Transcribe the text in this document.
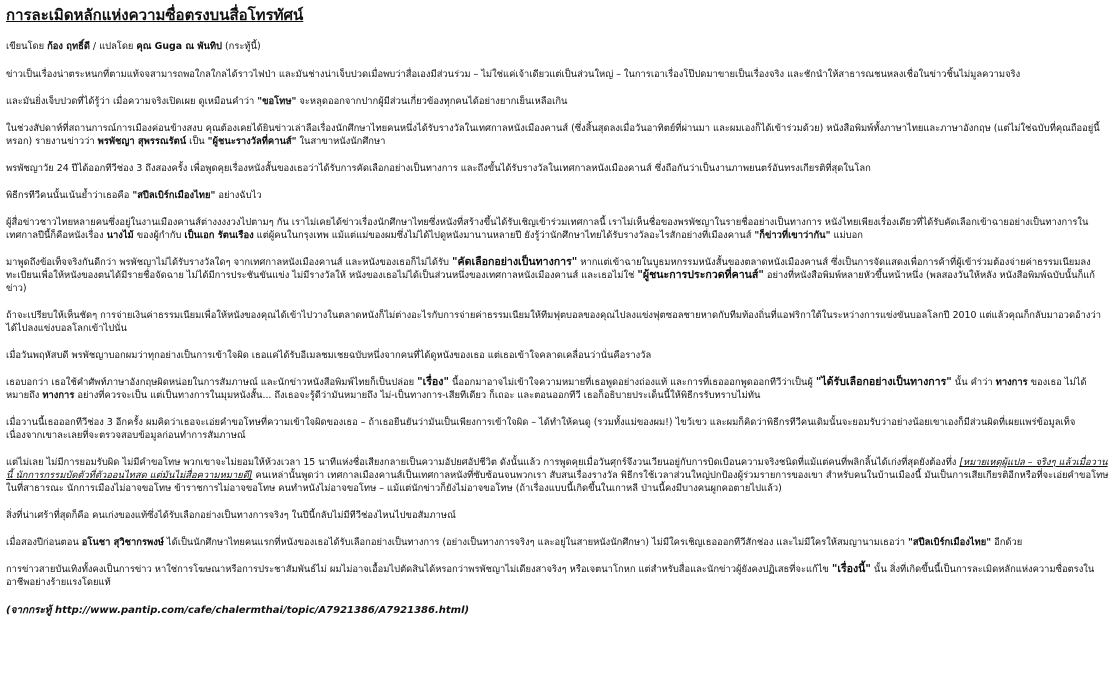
การละเมิดหลักแห่งความซื่อตรงบนสื่อโทรทัศน์
เขียนโดย ก้อง ฤทธิ์ดี / แปลโดย คุณ Guga ณ พันทิป (กระทู้นี้)

ข่าวเป็นเรื่องน่าตระหนกที่ตามแท้จจสามารถพอใกลใกลได้ราวไฟป่า และมันช่างน่าเจ็บปวดเมื่อพบว่าสื่อเองมีส่วนร่วม – ไม่ใช่แค่เจ้าเดียวแต่เป็นส่วนใหญ่ – ในการเอาเรื่องโป๊ปดมาขายเป็นเรื่องจริง และชักนำให้สาธารณชนหลงเชื่อในข่าวชิ้นไม่มูลความจริง

และมันยิ่งเจ็บปวดที่ได้รู้ว่า เมื่อความจริงเปิดเผย ดูเหมือนคำว่า "ขอโทษ" จะหลุดออกจากปากผู้มีส่วนเกี่ยวข้องทุกคนได้อย่างยากเย็นเหลือเกิน

ในช่วงสัปดาห์ที่สถานการณ์การเมืองค่อนข้างสงบ คุณต้องเคยได้ยินข่าวเล่าลือเรื่องนักศึกษาไทยคนหนึ่งได้รับรางวัลในเทศกาลหนังเมืองคานส์ (ซึ่งสิ้นสุดลงเมื่อวันอาทิตย์ที่ผ่านมา และผมเองก็ได้เข้าร่วมด้วย) หนังสือพิมพ์ทั้งภาษาไทยและภาษาอังกฤษ (แต่ไม่ใช่ฉบับที่คุณถืออยู่นี้หรอก) รายงานข่าวว่า พรพัชญา สุพรรณรัตน์ เป็น "ผู้ชนะรางวัลที่คานส์" ในสาขาหนังนักศึกษา

พรพัชญาวัย 24 ปีได้ออกทีวีช่อง 3 ถึงสองครั้ง เพื่อพูดคุยเรื่องหนังสั้นของเธอว่าได้รับการคัดเลือกอย่างเป็นทางการ และถึงขั้นได้รับรางวัลในเทศกาลหนังเมืองคานส์ ซึ่งถือกันว่าเป็นงานภาพยนตร์อันทรงเกียรติที่สุดในโลก

พิธีกรทีวีคนนั้นเน้นย้ำว่าเธอคือ "สปีลเบิร์กเมืองไทย" อย่างฉับไว

ผู้สื่อข่าวชาวไทยหลายคนซึ่งอยู่ในงานเมืองคานส์ต่างงงงวงไปตามๆ กัน เราไม่เคยได้ข่าวเรื่องนักศึกษาไทยซึ่งหนังที่สร้างขึ้นได้รับเชิญเข้าร่วมเทศกาลนี้ เราไม่เห็นชื่อของพรพัชญาในรายชื่ออย่างเป็นทางการ หนังไทยเพียงเรื่องเดียวที่ได้รับคัดเลือกเข้าฉายอย่างเป็นทางการในเทศกาลปีนี้ก็คือหนังเรื่อง นางไม้ ของผู้กำกับ เป็นเอก รัตนเรือง แต่ผู้คนในกรุงเทพ แม้แต่แม่ของผมซึ่งไม่ได้ไปดูหนังมานานหลายปี ยังรู้ว่านักศึกษาไทยได้รับรางวัลอะไรสักอย่างที่เมืองคานส์ "ก็ข่าวที่เขาว่ากัน" แม่บอก

มาพูดถึงข้อเท็จจริงกันดีกว่า พรพัชญาไม่ได้รับรางวัลใดๆ จากเทศกาลหนังเมืองคานส์ และหนังของเธอก็ไม่ได้รับ "คัดเลือกอย่างเป็นทางการ" หากแต่เข้าฉายในบูธมหกรรมหนังสั้นของตลาดหนังเมืองคานส์ ซึ่งเป็นการจัดแสดงเพื่อการค้าที่ผู้เข้าร่วมต้องจ่ายค่าธรรมเนียมลงทะเบียนเพื่อให้หนังของตนได้มีรายชื่อจัดฉาย ไม่ได้มีการประชันขันแข่ง ไม่มีรางวัลให้ หนังของเธอไม่ได้เป็นส่วนหนึ่งของเทศกาลหนังเมืองคานส์ และเธอไม่ใช่ "ผู้ชนะการประกวดที่คานส์" อย่างที่หนังสือพิมพ์หลายหัวขึ้นหน้าหนึ่ง (พลสองวันให้หลัง หนังสือพิมพ์ฉบับนั้นก็แก้ข่าว)

ถ้าจะเปรียบให้เห็นชัดๆ การจ่ายเงินค่าธรรมเนียมเพื่อให้หนังของคุณได้เข้าไปวางในตลาดหนังก็ไม่ต่างอะไรกับการจ่ายค่าธรรมเนียมให้ทีมฟุตบอลของคุณไปลงแข่งฟุตซอลชายหาดกับทีมท้องถิ่นที่แอฟริกาใต้ในระหว่างการแข่งขันบอลโลกปี 2010 แต่แล้วคุณก็กลับมาอวดอ้างว่าได้ไปลงแข่งบอลโลกเข้าไปนั่น

เมื่อวันพฤหัสบดี พรพัชญาบอกผมว่าทุกอย่างเป็นการเข้าใจผิด เธอแค่ได้รับอีเมลชมเชยฉบับหนึ่งจากคนที่ได้ดูหนังของเธอ แต่เธอเข้าใจคลาดเคลื่อนว่านั่นคือรางวัล

เธอบอกว่า เธอใช้คำศัพท์ภาษาอังกฤษผิดหน่อยในการสัมภาษณ์ และนักข่าวหนังสือพิมพ์ไทยก็เป็นปล่อย "เรื่อง" นี้ออกมาอาจไม่เข้าใจความหมายที่เธอพูดอย่างถ่องแท้ และการที่เธอออกพูดออกทีวีว่าเป็นผู้ "ได้รับเลือกอย่างเป็นทางการ" นั้น คำว่า ทางการ ของเธอ ไม่ได้หมายถึง ทางการ อย่างที่ควรจะเป็น แต่เป็นทางการในมุมหนังสั้น... ถึงเธอจะรู้ดีว่ามันหมายถึง ไม่-เป็นทางการ-เสียทีเดียว ก็เถอะ และตอนออกทีวี เธอก็อธิบายประเด็นนี้ให้พิธีกรรับทราบไม่ทัน

เมื่อวานนี้เธอออกทีวีช่อง 3 อีกครั้ง ผมคิดว่าเธอจะเอ่ยคำขอโทษที่ความเข้าใจผิดของเธอ – ถ้าเธอยืนยันว่ามันเป็นเพียงการเข้าใจผิด – ได้ทำให้คนดู (รวมทั้งแม่ของผม!) ไขว้เขว และผมก็คิดว่าพิธีกรทีวีคนเดิมนั้นจะยอมรับว่าอย่างน้อยเขาเองก็มีส่วนผิดที่เผยแพร่ข้อมูลเท็จ เนื่องจากเขาละเลยที่จะตรวจสอบข้อมูลก่อนทำการสัมภาษณ์

แต่ไม่เลย ไม่มีการยอมรับผิด ไม่มีคำขอโทษ พวกเขาจะไม่ยอมให้ห้วงเวลา 15 นาทีแห่งชื่อเสียงกลายเป็นความอัปยศอัปชีวิต ดังนั้นแล้ว การพูดคุยเมื่อวันศุกร์จึงวนเวียนอยู่กับการบิดเบือนความจริงชนิดที่แม้แต่คนที่พลิกลิ้นได้เก่งที่สุดยังต้องทึ่ง [หมายเหตุผู้แปล – จริงๆ แล้วเมื่อวานนี้ นักการกรรมบัดตัวที่ตัวออนไทสด แต่มันไม่สื่อความหมายดี] คนเหล่านั้นพูดว่า เทศกาลเมืองคานส์เป็นเทศกาลหนังที่ซับซ้อนจนพวกเรา สับสนเรื่องรางวัล พิธีกรใช้เวลาส่วนใหญ่ปกป้องผู้ร่วมรายการของเขา สำหรับคนในบ้านเมืองนี้ มันเป็นการเสียเกียรติอีกหรือที่จะเอ่ยคำขอโทษในที่สาธารณะ นักการเมืองไม่อาจขอโทษ ข้าราชการไม่อาจขอโทษ คนทำหนังไม่อาจขอโทษ – แม้แต่นักข่าวก็ยังไม่อาจขอโทษ (ถ้าเรื่องแบบนี้เกิดขึ้นในเกาหลี ป่านนี้คงมีบางคนผูกคอตายไปแล้ว)

สิ่งที่น่าเศร้าที่สุดก็คือ คนเก่งของแท้ซึ่งได้รับเลือกอย่างเป็นทางการจริงๆ ในปีนี้กลับไม่มีทีวีช่องไหนไปขอสัมภาษณ์

เมื่อสองปีก่อนตอน อโนชา สุวิชากรพงษ์ ได้เป็นนักศึกษาไทยคนแรกที่หนังของเธอได้รับเลือกอย่างเป็นทางการ (อย่างเป็นทางการจริงๆ และอยู่ในสายหนังนักศึกษา) ไม่มีใครเชิญเธอออกทีวีสักช่อง และไม่มีใครให้สมญานามเธอว่า "สปีลเบิร์กเมืองไทย" อีกด้วย

การข่าวสายบันเทิงทั้งคงเป็นการข่าว หาใช่การโฆษณาหรือการประชาสัมพันธ์ไม่ ผมไม่อาจเอื้อมไปตัดสินได้หรอกว่าพรพัชญาไม่เดียงสาจริงๆ หรือเจตนาโกหก แต่สำหรับสื่อและนักข่าวผู้ยังคงปฏิเสธที่จะแก้ไข "เรื่องนี้" นั้น สิ่งที่เกิดขึ้นนี้เป็นการละเมิดหลักแห่งความซื่อตรงในอาชีพอย่างร้ายแรงโดยแท้

(จากกระทู้ http://www.pantip.com/cafe/chalermthai/topic/A7921386/A7921386.html)
